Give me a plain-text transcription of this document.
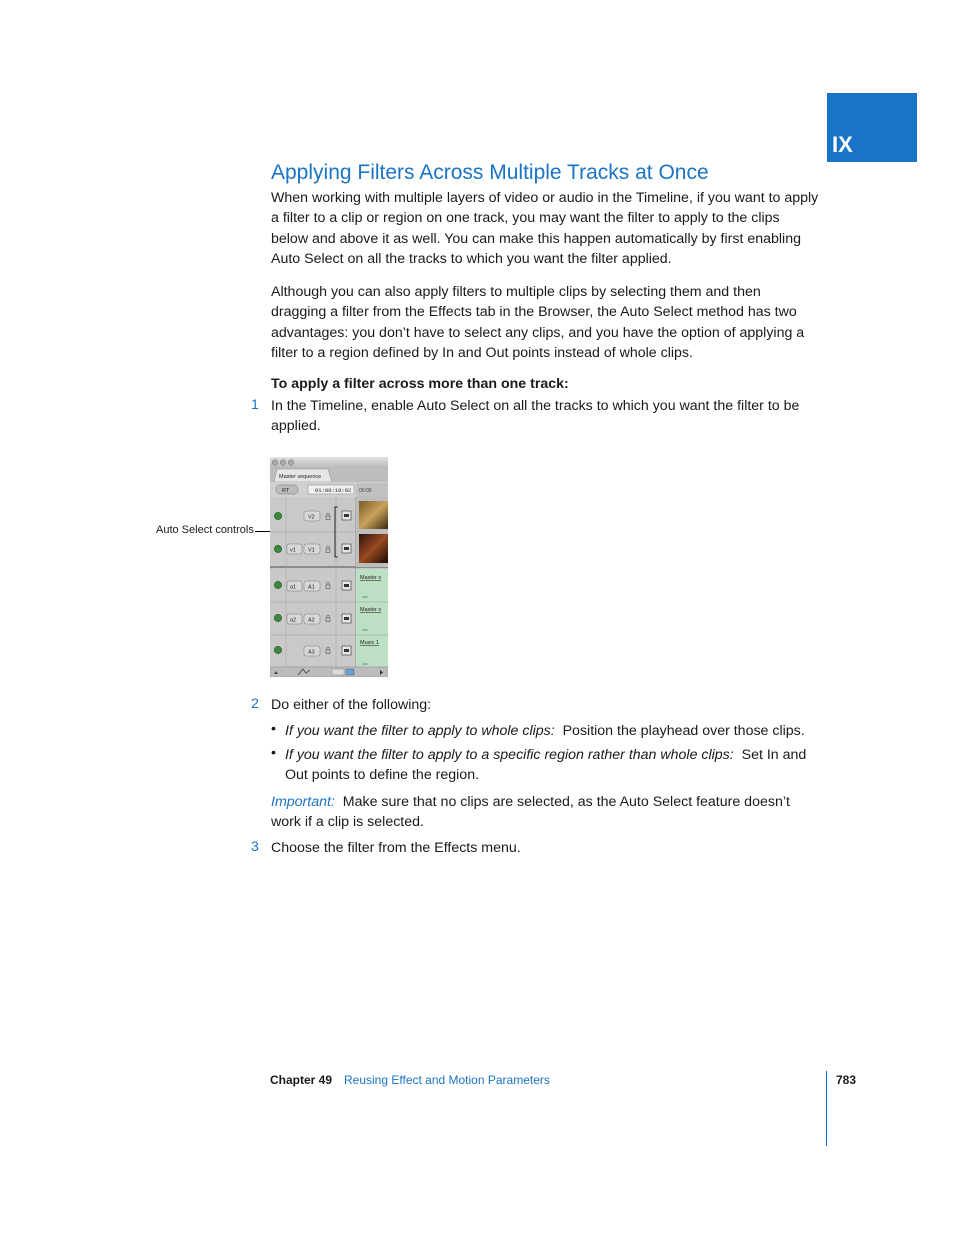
IX
Applying Filters Across Multiple Tracks at Once

When working with multiple layers of video or audio in the Timeline, if you want to apply a filter to a clip or region on one track, you may want the filter to apply to the clips below and above it as well. You can make this happen automatically by first enabling Auto Select on all the tracks to which you want the filter applied.

Although you can also apply filters to multiple clips by selecting them and then dragging a filter from the Effects tab in the Browser, the Auto Select method has two advantages: you don’t have to select any clips, and you have the option of applying a filter to a region defined by In and Out points instead of whole clips.

To apply a filter across more than one track:
1 In the Timeline, enable Auto Select on all the tracks to which you want the filter to be applied.

Auto Select controls
Master sequence
RT	01:00:10:02 00:00
V2
v1 V1
a1 A1
a2 A2
A3
Master s
Master s
Music 1
2 Do either of the following:

• If you want the filter to apply to whole clips: Position the playhead over those clips.

• If you want the filter to apply to a specific region rather than whole clips: Set In and Out points to define the region.

Important: Make sure that no clips are selected, as the Auto Select feature doesn’t work if a clip is selected.

3 Choose the filter from the Effects menu.

Chapter 49 Reusing Effect and Motion Parameters	783
